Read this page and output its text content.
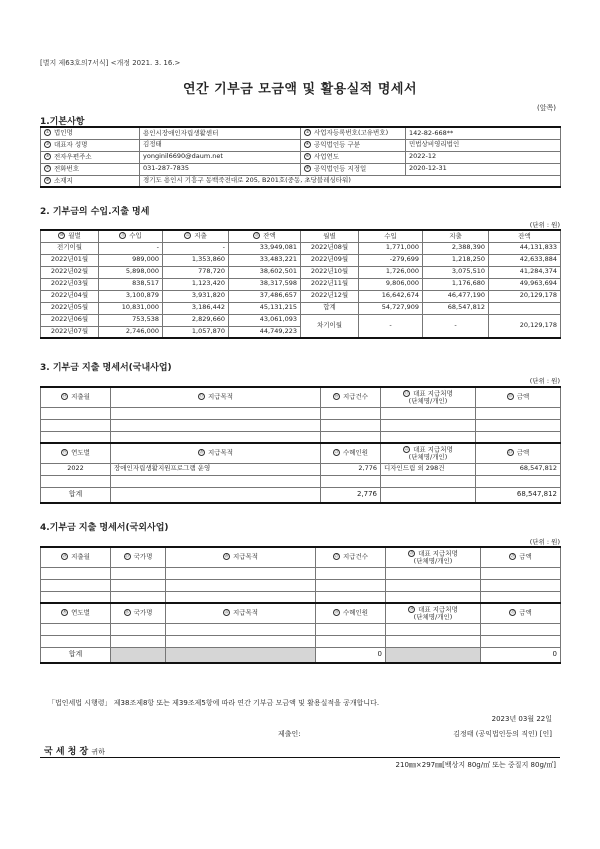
[별지 제63호의7서식] <개정 2021. 3. 16.>
연간 기부금 모금액 및 활용실적 명세서
(앞쪽)
1.기본사항
① 법인명	용인시장애인자립생활센터	② 사업자등록번호(고유번호)	142-82-668**
③ 대표자 성명	김정태	④ 공익법인등 구분	민법상비영리법인
⑤ 전자우편주소	yonginil6690@daum.net	⑥ 사업연도	2022-12
⑦ 전화번호	031-287-7835	⑧ 공익법인등 지정일	2020-12-31
⑨ 소재지	경기도 용인시 기흥구 동백죽전대로 205, B201호(중동, 초당블레싱타워)		
2. 기부금의 수입.지출 명세
(단위 : 원)
⑩ 월별	⑪ 수입	⑫ 지출	⑬ 잔액	월별	수입	지출	잔액
전기이월	-	-	33,949,081	2022년08월	1,771,000	2,388,390	44,131,833
2022년01월	989,000	1,353,860	33,483,221	2022년09월	-279,699	1,218,250	42,633,884
2022년02월	5,898,000	778,720	38,602,501	2022년10월	1,726,000	3,075,510	41,284,374
2022년03월	838,517	1,123,420	38,317,598	2022년11월	9,806,000	1,176,680	49,963,694
2022년04월	3,100,879	3,931,820	37,486,657	2022년12월	16,642,674	46,477,190	20,129,178
2022년05월	10,831,000	3,186,442	45,131,215	합계	54,727,909	68,547,812	
2022년06월	753,538	2,829,660	43,061,093	차기이월	-	-	20,129,178
2022년07월	2,746,000	1,057,870	44,749,223				
3. 기부금 지출 명세서(국내사업)
(단위 : 원)
⑭ 지출월	⑮ 지급목적	⑯ 지급건수	⑰ 대표 지급처명
(단체명/개인)	⑱ 금액

⑲ 연도별	⑳ 지급목적	㉑ 수혜인원	㉒ 대표 지급처명
(단체명/개인)	㉓ 금액
2022	장애인자립생활지원프로그램 운영	2,776	디자인드림 외 298건	68,547,812

합계		2,776		68,547,812
4.기부금 지출 명세서(국외사업)
(단위 : 원)
㉔ 지출월	㉕ 국가명	㉖ 지급목적	㉗ 지급건수	㉘ 대표 지급처명
(단체명/개인)	㉙ 금액

㉚ 연도별	㉛ 국가명	㉜ 지급목적	㉝ 수혜인원	㉞ 대표 지급처명
(단체명/개인)	㉟ 금액

합계			0		0
「법인세법 시행령」 제38조제8항 또는 제39조제5항에 따라 연간 기부금 모금액 및 활용실적을 공개합니다.
2023년 03월 22일
제출인:	김정태 (공익법인등의 직인) [인]
국 세 청 장 귀하
210㎜×297㎜[백상지 80g/㎡ 또는 중질지 80g/㎡]
